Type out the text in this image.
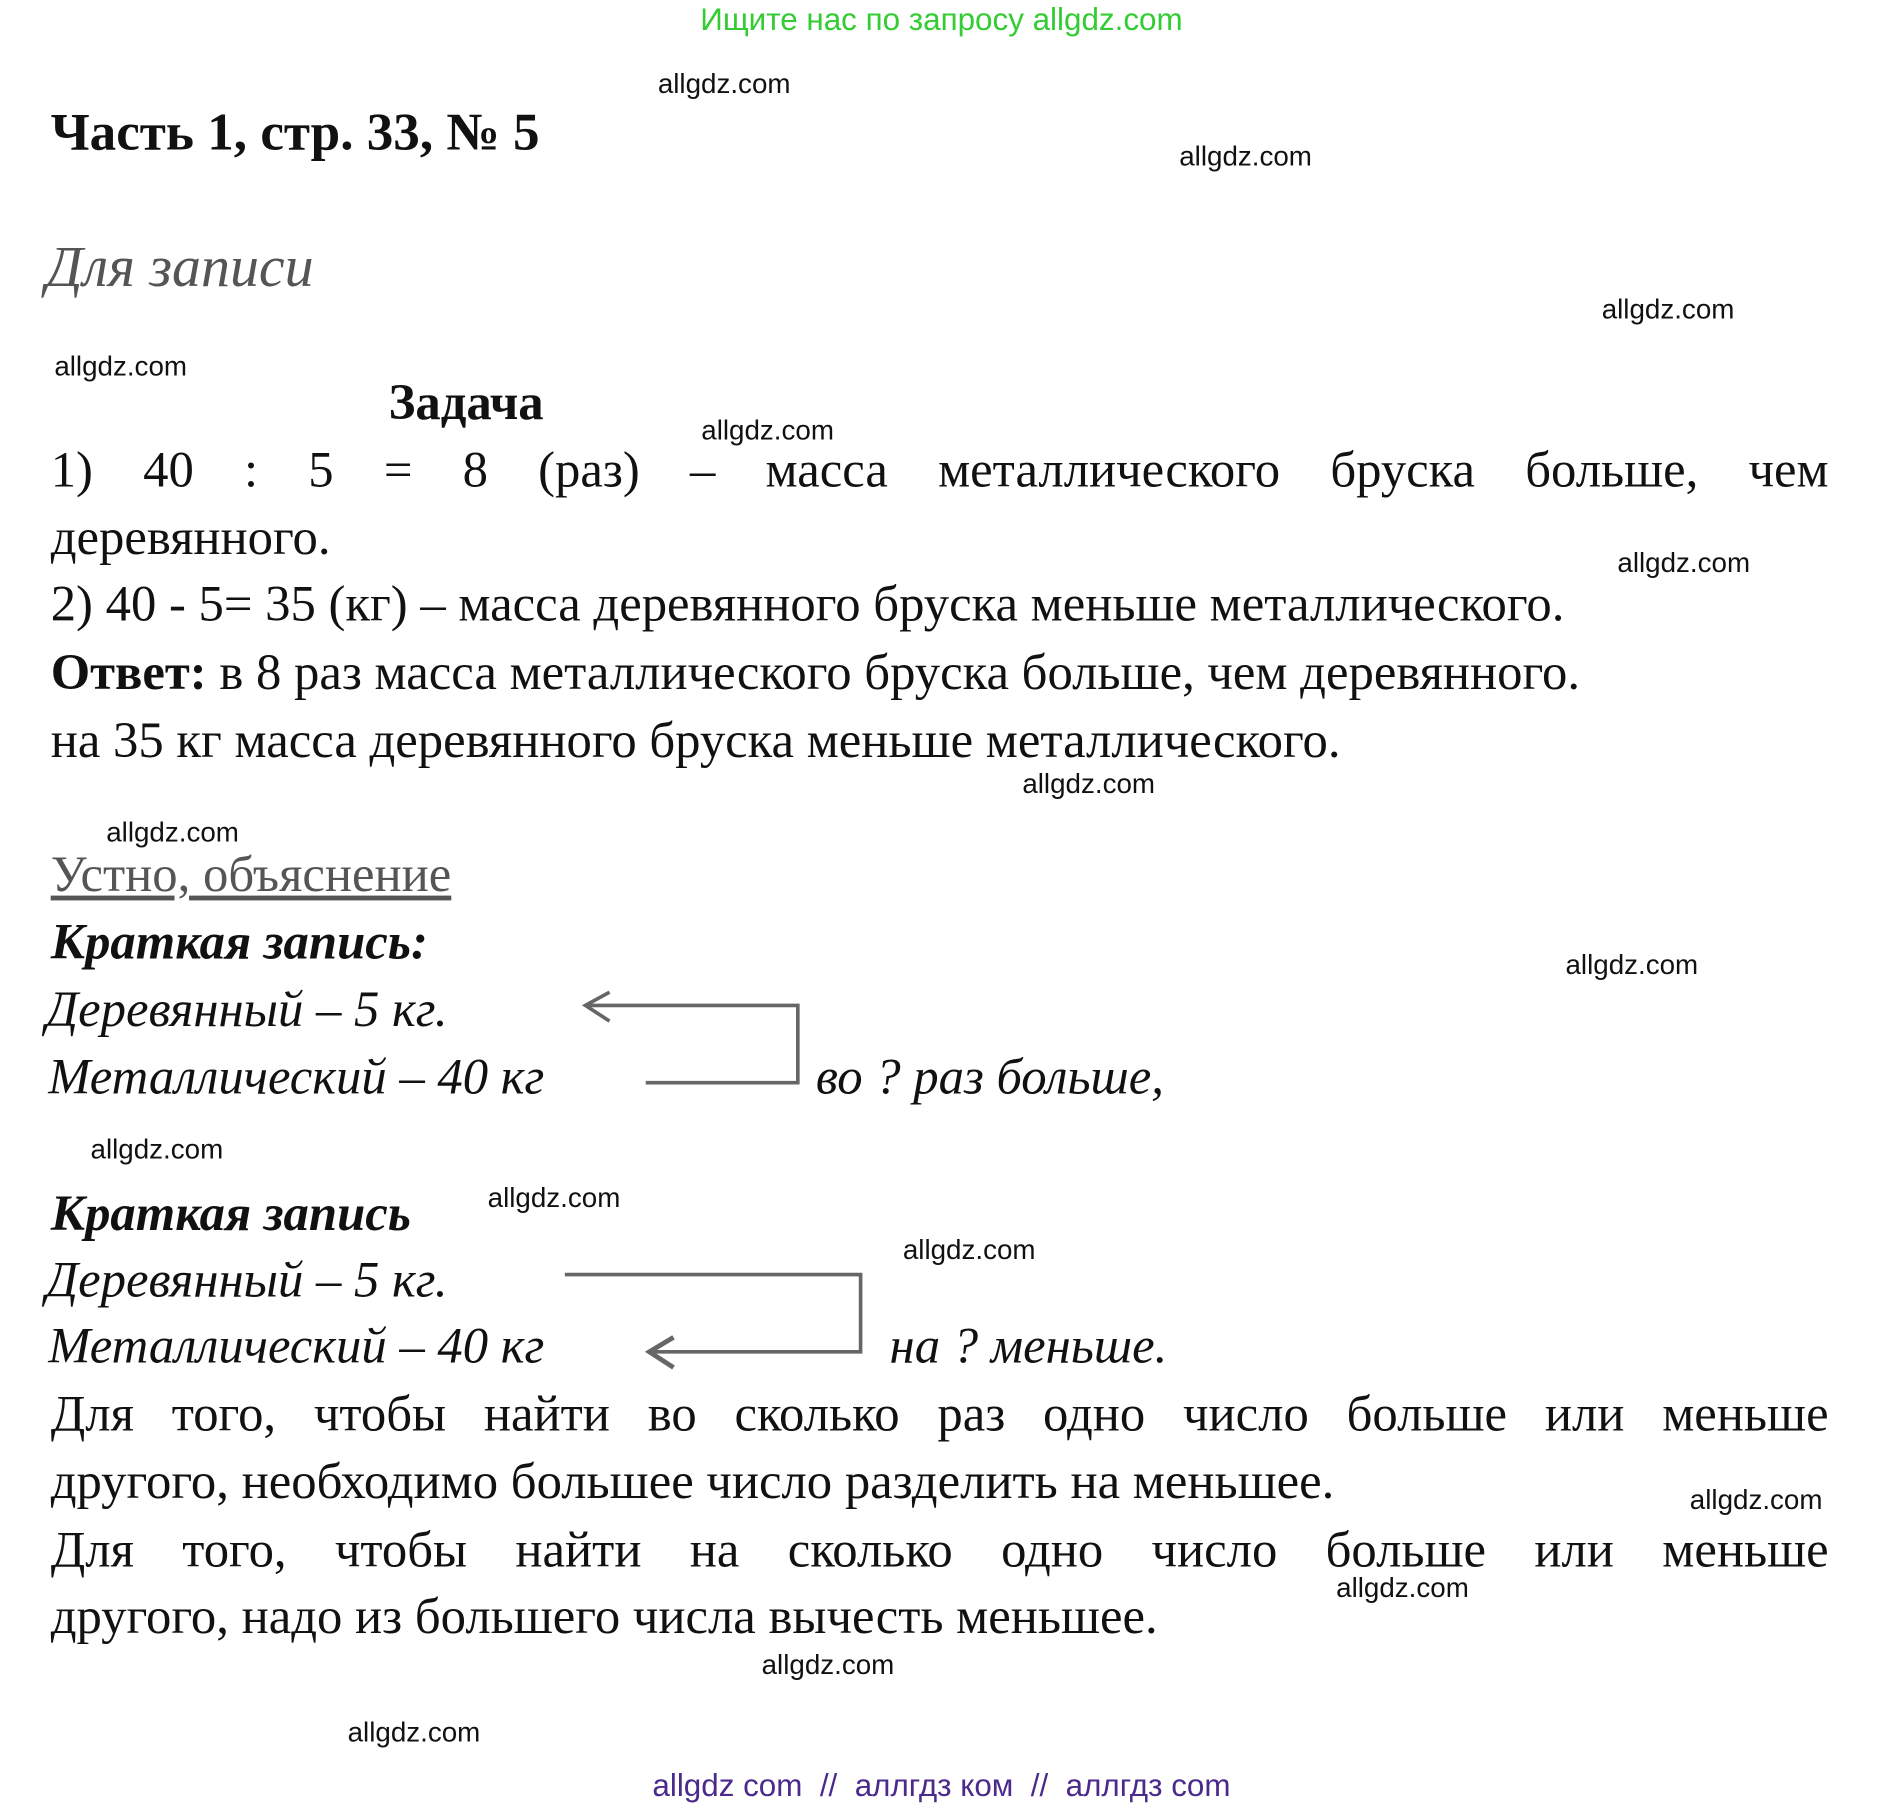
Ищите нас по запросу allgdz.com
Часть 1, стр. 33, № 5
Для записи
Задача
1) 40 : 5 = 8 (раз) – масса металлического бруска больше, чем
деревянного.
2) 40 - 5= 35 (кг) – масса деревянного бруска меньше металлического.
Ответ: в 8 раз масса металлического бруска больше, чем деревянного.
на 35 кг масса деревянного бруска меньше металлического.
Устно, объяснение
Краткая запись:
Деревянный – 5 кг.
Металлический – 40 кг	во ? раз больше,
Краткая запись
Деревянный – 5 кг.
Металлический – 40 кг	на ? меньше.
Для того, чтобы найти во сколько раз одно число больше или меньше
другого, необходимо большее число разделить на меньшее.
Для того, чтобы найти на сколько одно число больше или меньше
другого, надо из большего числа вычесть меньшее.
allgdz.com
allgdz.com
allgdz.com
allgdz.com
allgdz.com
allgdz.com
allgdz.com
allgdz.com
allgdz.com
allgdz.com
allgdz.com
allgdz.com
allgdz.com
allgdz.com
allgdz.com
allgdz.com
allgdz com  //  аллгдз ком  //  аллгдз com
